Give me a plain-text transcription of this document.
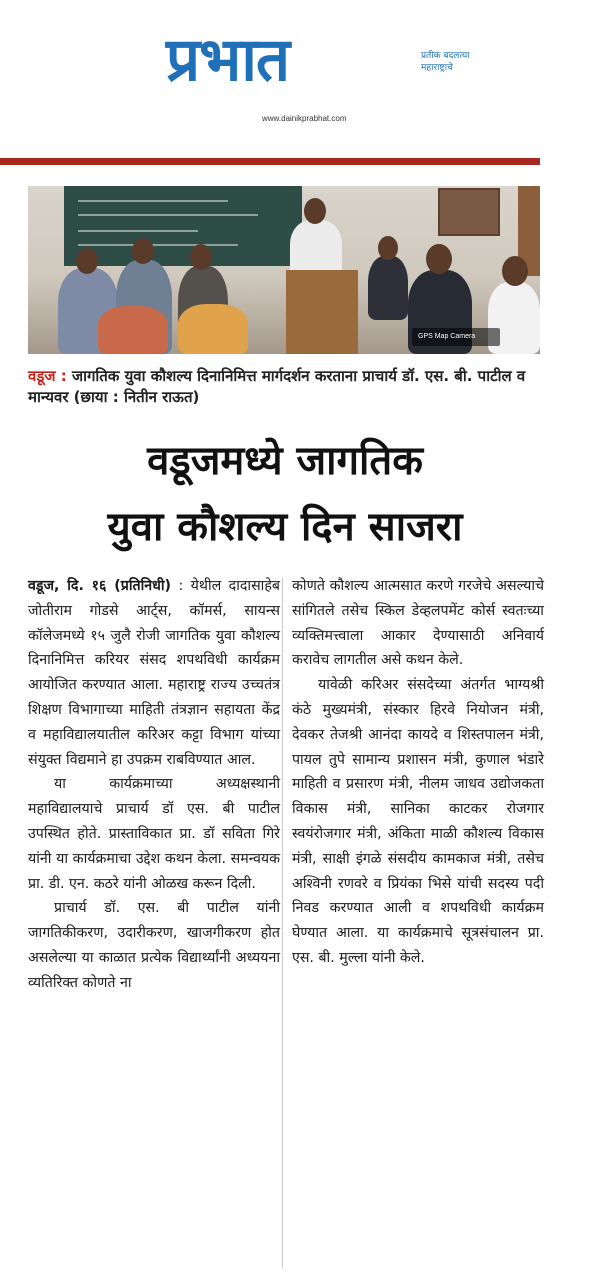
प्रभात	प्रतीक बदलत्या महाराष्ट्राचे
www.dainikprabhat.com
GPS Map Camera
वडूज : जागतिक युवा कौशल्य दिनानिमित्त मार्गदर्शन करताना प्राचार्य डॉ. एस. बी. पाटील व मान्यवर (छाया : नितीन राऊत)
वडूजमध्ये जागतिक
युवा कौशल्य दिन साजरा

वडूज, दि. १६ (प्रतिनिधी) : येथील दादासाहेब जोतीराम गोडसे आर्ट्स, कॉमर्स, सायन्स कॉलेजमध्ये १५ जुलै रोजी जागतिक युवा कौशल्य दिनानिमित्त करियर संसद शपथविधी कार्यक्रम आयोजित करण्यात आला. महाराष्ट्र राज्य उच्चतंत्र शिक्षण विभागाच्या माहिती तंत्रज्ञान सहायता केंद्र व महाविद्यालयातील करिअर कट्टा विभाग यांच्या संयुक्त विद्यमाने हा उपक्रम राबविण्यात आल.

या कार्यक्रमाच्या अध्यक्षस्थानी महाविद्यालयाचे प्राचार्य डॉ एस. बी पाटील उपस्थित होते. प्रास्ताविकात प्रा. डॉ सविता गिरे यांनी या कार्यक्रमाचा उद्देश कथन केला. समन्वयक प्रा. डी. एन. कठरे यांनी ओळख करून दिली.

प्राचार्य डॉ. एस. बी पाटील यांनी जागतिकीकरण, उदारीकरण, खाजगीकरण होत असलेल्या या काळात प्रत्येक विद्यार्थ्यांनी अध्ययना व्यतिरिक्त कोणते ना

कोणते कौशल्य आत्मसात करणे गरजेचे असल्याचे सांगितले तसेच स्किल डेव्हलपमेंट कोर्स स्वतःच्या व्यक्तिमत्त्वाला आकार देण्यासाठी अनिवार्य करावेच लागतील असे कथन केले.

यावेळी करिअर संसदेच्या अंतर्गत भाग्यश्री कंठे मुख्यमंत्री, संस्कार हिरवे नियोजन मंत्री, देवकर तेजश्री आनंदा कायदे व शिस्तपालन मंत्री, पायल तुपे सामान्य प्रशासन मंत्री, कुणाल भंडारे माहिती व प्रसारण मंत्री, नीलम जाधव उद्योजकता विकास मंत्री, सानिका काटकर रोजगार स्वयंरोजगार मंत्री, अंकिता माळी कौशल्य विकास मंत्री, साक्षी इंगळे संसदीय कामकाज मंत्री, तसेच अश्विनी रणवरे व प्रियंका भिसे यांची सदस्य पदी निवड करण्यात आली व शपथविधी कार्यक्रम घेण्यात आला. या कार्यक्रमाचे सूत्रसंचालन प्रा. एस. बी. मुल्ला यांनी केले.
